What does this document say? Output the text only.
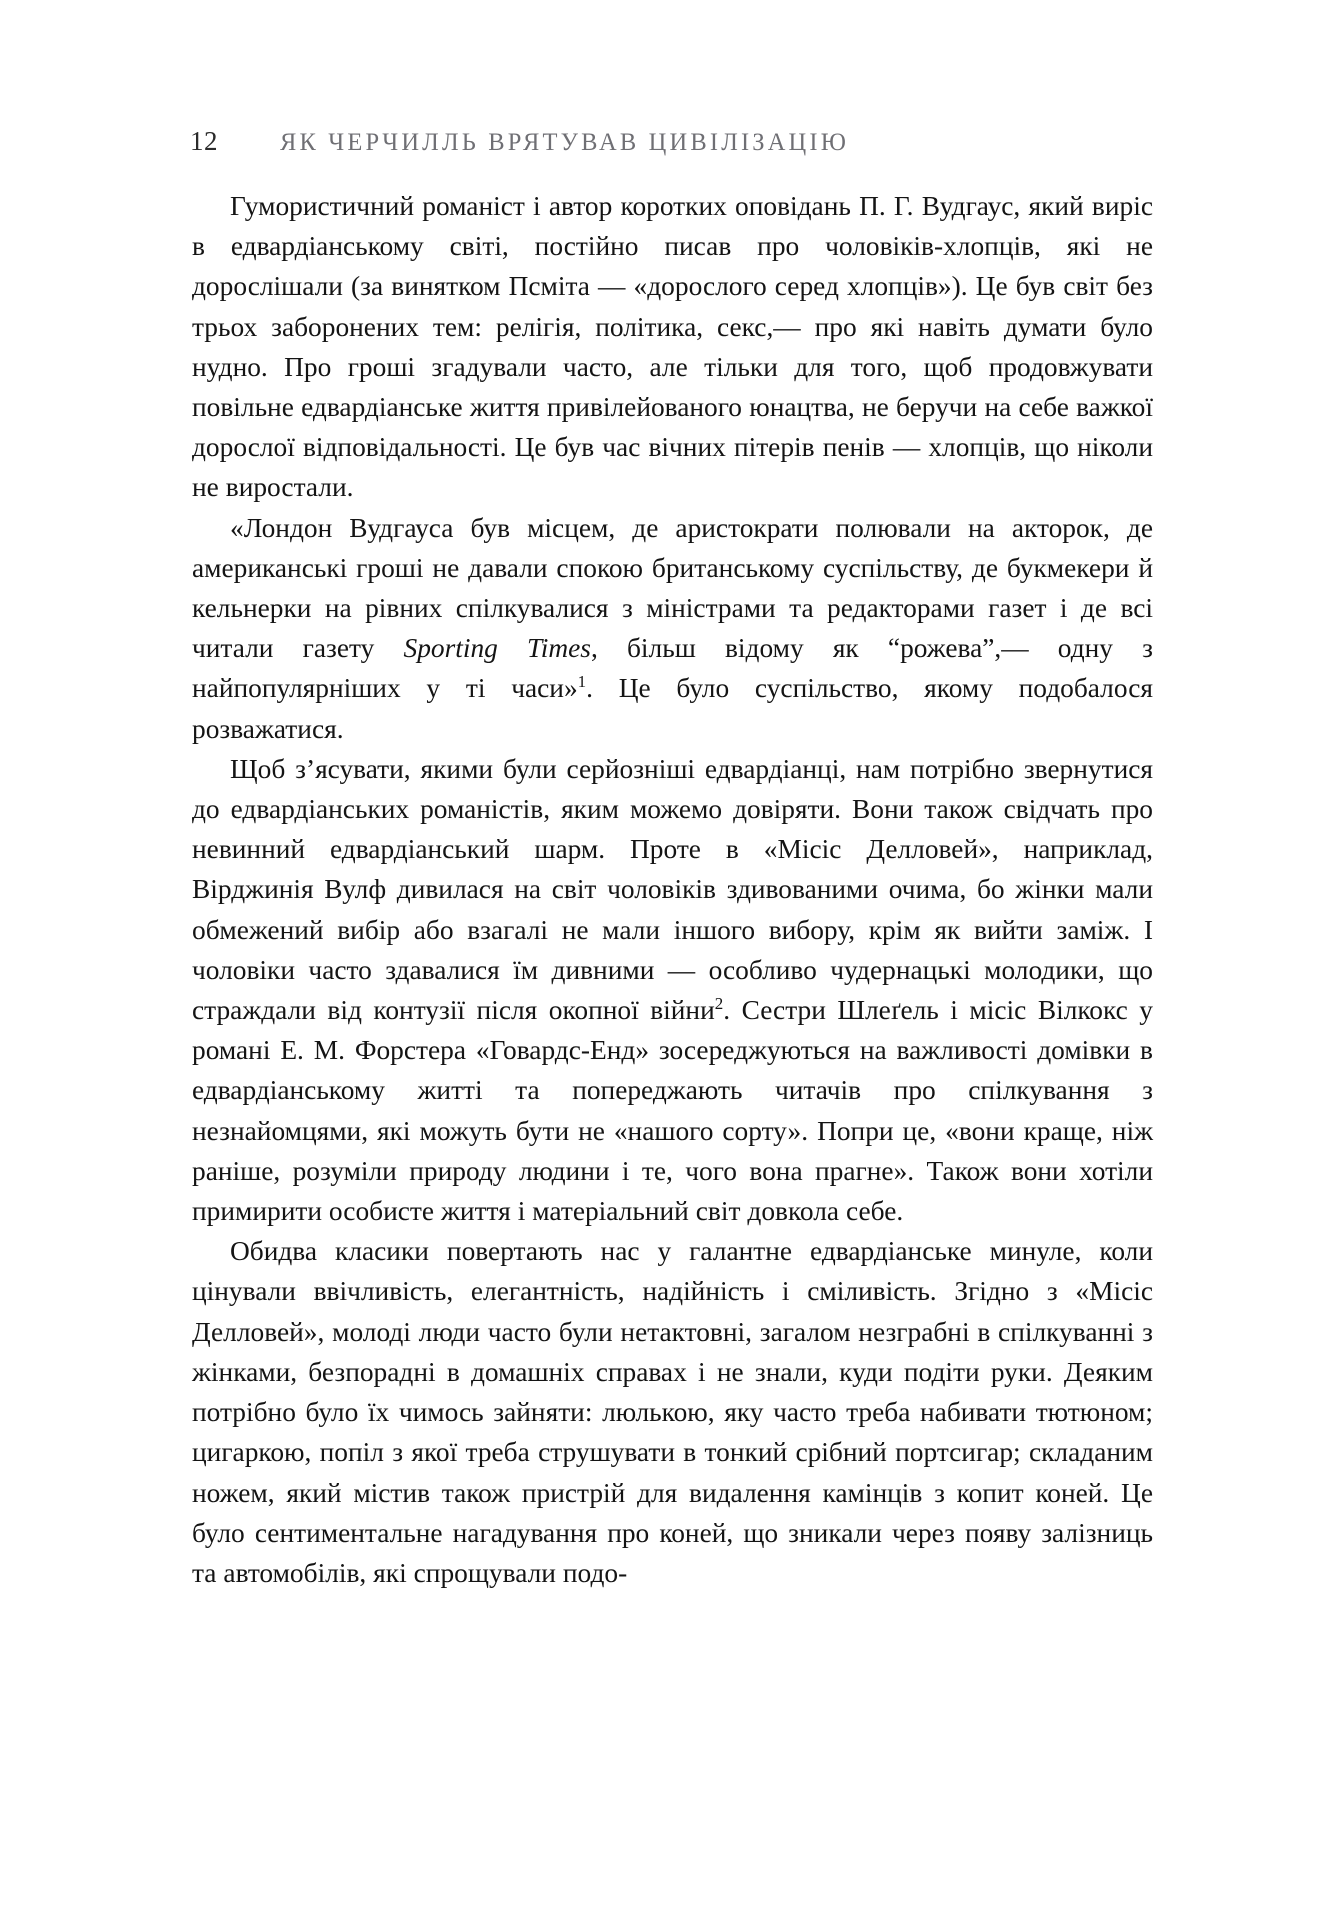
12	ЯК ЧЕРЧИЛЛЬ ВРЯТУВАВ ЦИВІЛІЗАЦІЮ

Гумористичний романіст і автор коротких оповідань П. Г. Вудгаус, який виріс в едвардіанському світі, постійно писав про чоловіків-хлопців, які не дорослішали (за винятком Псміта — «дорослого серед хлопців»). Це був світ без трьох заборонених тем: релігія, політика, секс,— про які навіть думати було нудно. Про гроші згадували часто, але тільки для того, щоб продовжувати повільне едвардіанське життя привілейованого юнацтва, не беручи на себе важкої дорослої відповідальності. Це був час вічних пітерів пенів — хлопців, що ніколи не виростали.

«Лондон Вудгауса був місцем, де аристократи полювали на акторок, де американські гроші не давали спокою британському суспільству, де букмекери й кельнерки на рівних спілкувалися з міністрами та редакторами газет і де всі читали газету Sporting Times, більш відому як “рожева”,— одну з найпопулярніших у ті часи»$^1$. Це було суспільство, якому подобалося розважатися.

Щоб з’ясувати, якими були серйозніші едвардіанці, нам потрібно звернутися до едвардіанських романістів, яким можемо довіряти. Вони також свідчать про невинний едвардіанський шарм. Проте в «Місіс Делловей», наприклад, Вірджинія Вулф дивилася на світ чоловіків здивованими очима, бо жінки мали обмежений вибір або взагалі не мали іншого вибору, крім як вийти заміж. І чоловіки часто здавалися їм дивними — особливо чудернацькі молодики, що страждали від контузії після окопної війни$^2$. Сестри Шлеґель і місіс Вілкокс у романі Е. М. Форстера «Говардс-Енд» зосереджуються на важливості домівки в едвардіанському житті та попереджають читачів про спілкування з незнайомцями, які можуть бути не «нашого сорту». Попри це, «вони краще, ніж раніше, розуміли природу людини і те, чого вона прагне». Також вони хотіли примирити особисте життя і матеріальний світ довкола себе.

Обидва класики повертають нас у галантне едвардіанське минуле, коли цінували ввічливість, елегантність, надійність і сміливість. Згідно з «Місіс Делловей», молоді люди часто були нетактовні, загалом незграбні в спілкуванні з жінками, безпорадні в домашніх справах і не знали, куди подіти руки. Деяким потрібно було їх чимось зайняти: люлькою, яку часто треба набивати тютюном; цигаркою, попіл з якої треба струшувати в тонкий срібний портсигар; складаним ножем, який містив також пристрій для видалення камінців з копит коней. Це було сентиментальне нагадування про коней, що зникали через появу залізниць та автомобілів, які спрощували подо-
